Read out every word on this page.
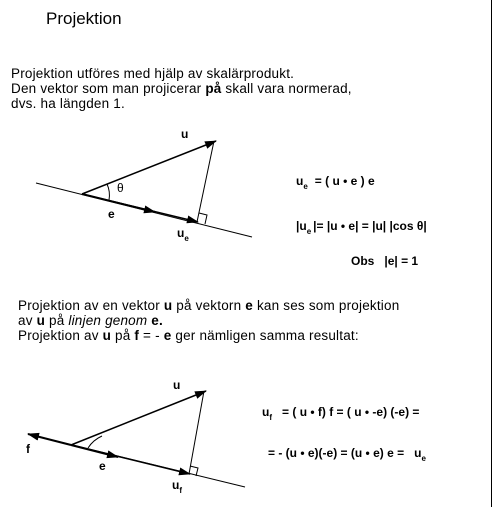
Projektion
Projektion utföres med hjälp av skalärprodukt.
Den vektor som man projicerar på skall vara normerad,
dvs. ha längden 1.
u
θ
e
$u_e$
$u_e$ = ( u • e ) e
$|u_e$ |= |u • e| = |u| |cos θ|
Obs |e| = 1
Projektion av en vektor u på vektorn e kan ses som projektion
av u på linjen genom e.
Projektion av u på f = - e ger nämligen samma resultat:
u
f
e
$u_f$
$u_f$ = ( u • f) f = ( u • -e) (-e) =
= - (u • e)(-e) = (u • e) $e = u_e$
